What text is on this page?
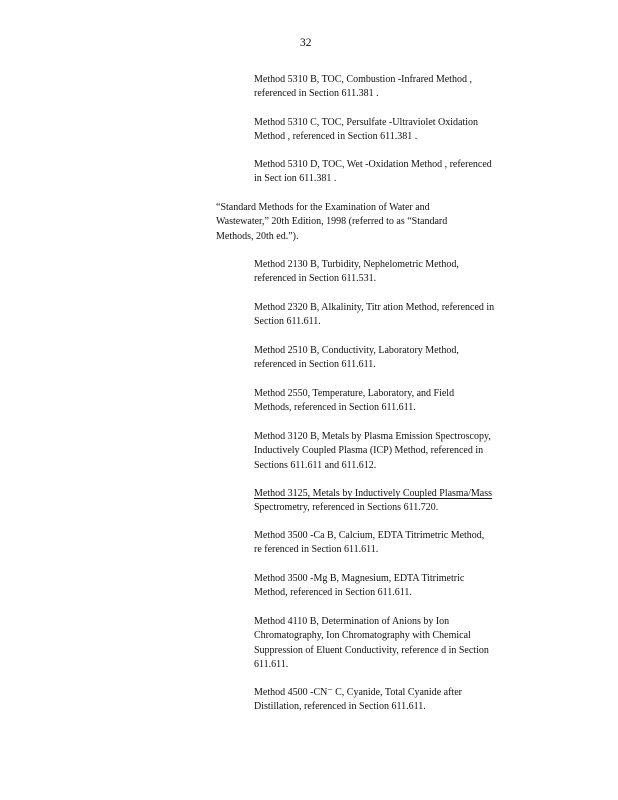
32
Method 5310 B, TOC, Combustion -Infrared Method ,
referenced in Section 611.381 .
Method 5310 C, TOC, Persulfate -Ultraviolet Oxidation
Method , referenced in Section 611.381 .
Method 5310 D, TOC, Wet -Oxidation Method , referenced
in Sect ion 611.381 .
“Standard Methods for the Examination of Water and
Wastewater,” 20th Edition, 1998 (referred to as “Standard
Methods, 20th ed.”).
Method 2130 B, Turbidity, Nephelometric Method,
referenced in Section 611.531.
Method 2320 B, Alkalinity, Titr ation Method, referenced in
Section 611.611.
Method 2510 B, Conductivity, Laboratory Method,
referenced in Section 611.611.
Method 2550, Temperature, Laboratory, and Field
Methods, referenced in Section 611.611.
Method 3120 B, Metals by Plasma Emission Spectroscopy,
Inductively Coupled Plasma (ICP) Method, referenced in
Sections 611.611 and 611.612.
Method 3125, Metals by Inductively Coupled Plasma/Mass
Spectrometry, referenced in Sections 611.720.
Method 3500 -Ca B, Calcium, EDTA Titrimetric Method,
re ferenced in Section 611.611.
Method 3500 -Mg B, Magnesium, EDTA Titrimetric
Method, referenced in Section 611.611.
Method 4110 B, Determination of Anions by Ion
Chromatography, Ion Chromatography with Chemical
Suppression of Eluent Conductivity, reference d in Section
611.611.
Method 4500 -CN⁻ C, Cyanide, Total Cyanide after
Distillation, referenced in Section 611.611.
